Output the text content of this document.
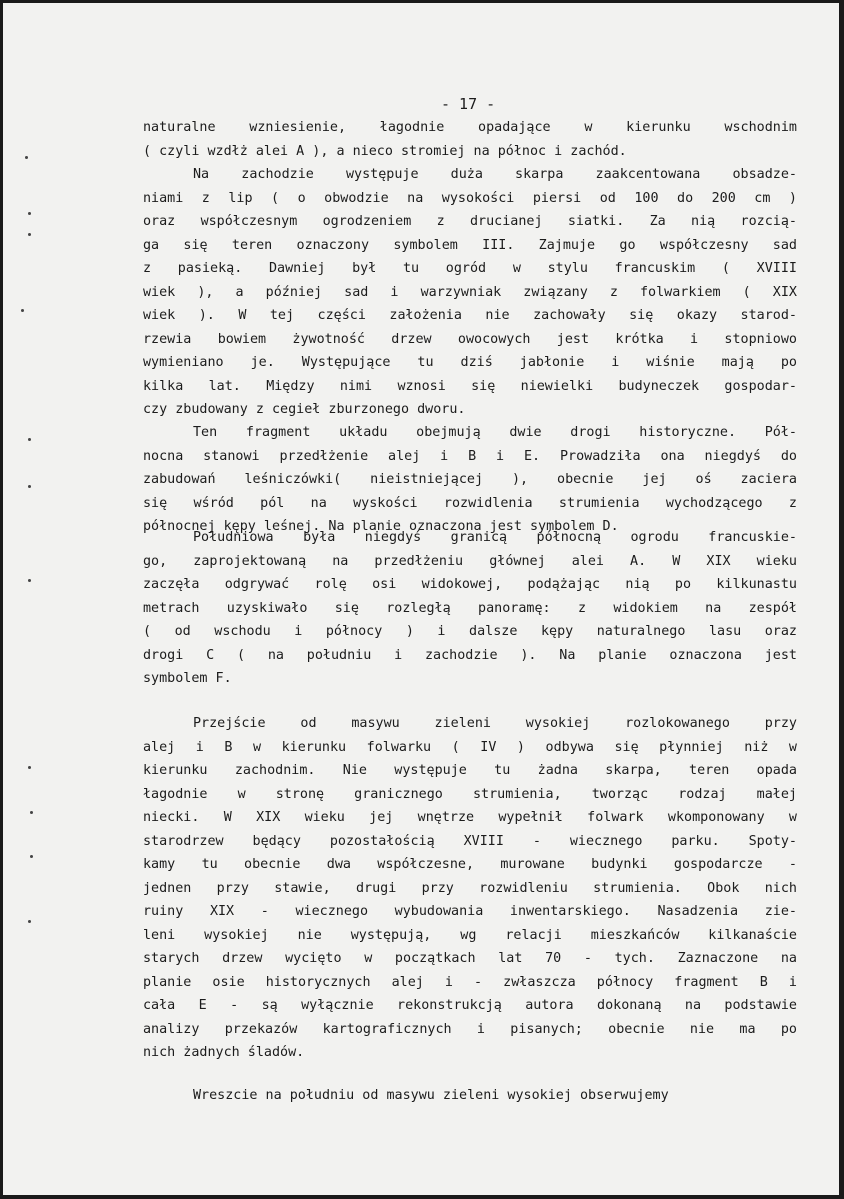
- 17 -
naturalne wzniesienie, łagodnie opadające w kierunku wschodnim
( czyli wzdłż alei A ), a nieco stromiej na północ i zachód.
Na zachodzie występuje duża skarpa zaakcentowana obsadze-
niami z lip ( o obwodzie na wysokości piersi od 100 do 200 cm )
oraz współczesnym ogrodzeniem z drucianej siatki. Za nią rozcią-
ga się teren oznaczony symbolem III. Zajmuje go współczesny sad
z pasieką. Dawniej był tu ogród w stylu francuskim ( XVIII
wiek ), a później sad i warzywniak związany z folwarkiem ( XIX
wiek ). W tej części założenia nie zachowały się okazy starod-
rzewia bowiem żywotność drzew owocowych jest krótka i stopniowo
wymieniano je. Występujące tu dziś jabłonie i wiśnie mają po
kilka lat. Między nimi wznosi się niewielki budyneczek gospodar-
czy zbudowany z cegieł zburzonego dworu.
Ten fragment układu obejmują dwie drogi historyczne. Pół-
nocna stanowi przedłżenie alej i B i E. Prowadziła ona niegdyś do
zabudowań leśniczówki( nieistniejącej ), obecnie jej oś zaciera
się wśród pól na wyskości rozwidlenia strumienia wychodzącego z
północnej kępy leśnej. Na planie oznaczona jest symbolem D.
Południowa była niegdyś granicą północną ogrodu francuskie-
go, zaprojektowaną na przedłżeniu głównej alei A. W XIX wieku
zaczęła odgrywać rolę osi widokowej, podążając nią po kilkunastu
metrach uzyskiwało się rozległą panoramę: z widokiem na zespół
( od wschodu i północy ) i dalsze kępy naturalnego lasu oraz
drogi C ( na południu i zachodzie ). Na planie oznaczona jest
symbolem F.
Przejście od masywu zieleni wysokiej rozlokowanego przy
alej i B w kierunku folwarku ( IV ) odbywa się płynniej niż w
kierunku zachodnim. Nie występuje tu żadna skarpa, teren opada
łagodnie w stronę granicznego strumienia, tworząc rodzaj małej
niecki. W XIX wieku jej wnętrze wypełnił folwark wkomponowany w
starodrzew będący pozostałością XVIII - wiecznego parku. Spoty-
kamy tu obecnie dwa współczesne, murowane budynki gospodarcze -
jednen przy stawie, drugi przy rozwidleniu strumienia. Obok nich
ruiny XIX - wiecznego wybudowania inwentarskiego. Nasadzenia zie-
leni wysokiej nie występują, wg relacji mieszkańców kilkanaście
starych drzew wycięto w początkach lat 70 - tych. Zaznaczone na
planie osie historycznych alej i - zwłaszcza północy fragment B i
cała E - są wyłącznie rekonstrukcją autora dokonaną na podstawie
analizy przekazów kartograficznych i pisanych; obecnie nie ma po
nich żadnych śladów.
Wreszcie na południu od masywu zieleni wysokiej obserwujemy
